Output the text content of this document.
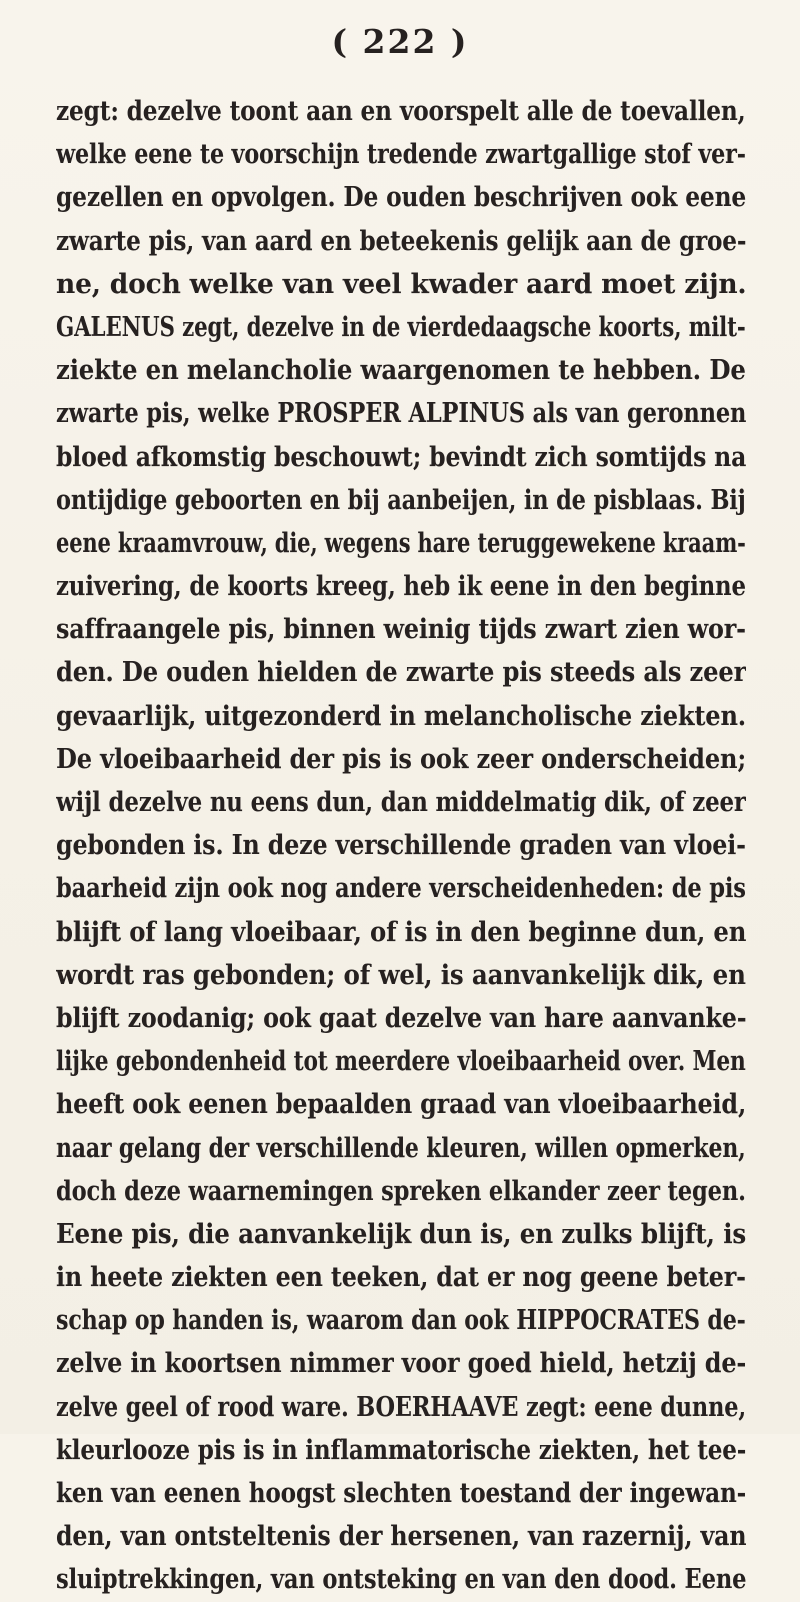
( 222 )
zegt: dezelve toont aan en voorspelt alle de toevallen,
welke eene te voorschijn tredende zwartgallige stof ver-
gezellen en opvolgen. De ouden beschrijven ook eene
zwarte pis, van aard en beteekenis gelijk aan de groe-
ne, doch welke van veel kwader aard moet zijn.
GALENUS zegt, dezelve in de vierdedaagsche koorts, milt-
ziekte en melancholie waargenomen te hebben. De
zwarte pis, welke PROSPER ALPINUS als van geronnen
bloed afkomstig beschouwt; bevindt zich somtijds na
ontijdige geboorten en bij aanbeijen, in de pisblaas. Bij
eene kraamvrouw, die, wegens hare teruggewekene kraam-
zuivering, de koorts kreeg, heb ik eene in den beginne
saffraangele pis, binnen weinig tijds zwart zien wor-
den. De ouden hielden de zwarte pis steeds als zeer
gevaarlijk, uitgezonderd in melancholische ziekten.
De vloeibaarheid der pis is ook zeer onderscheiden;
wijl dezelve nu eens dun, dan middelmatig dik, of zeer
gebonden is. In deze verschillende graden van vloei-
baarheid zijn ook nog andere verscheidenheden: de pis
blijft of lang vloeibaar, of is in den beginne dun, en
wordt ras gebonden; of wel, is aanvankelijk dik, en
blijft zoodanig; ook gaat dezelve van hare aanvanke-
lijke gebondenheid tot meerdere vloeibaarheid over. Men
heeft ook eenen bepaalden graad van vloeibaarheid,
naar gelang der verschillende kleuren, willen opmerken,
doch deze waarnemingen spreken elkander zeer tegen.
Eene pis, die aanvankelijk dun is, en zulks blijft, is
in heete ziekten een teeken, dat er nog geene beter-
schap op handen is, waarom dan ook HIPPOCRATES de-
zelve in koortsen nimmer voor goed hield, hetzij de-
zelve geel of rood ware. BOERHAAVE zegt: eene dunne,
kleurlooze pis is in inflammatorische ziekten, het tee-
ken van eenen hoogst slechten toestand der ingewan-
den, van ontsteltenis der hersenen, van razernij, van
sluiptrekkingen, van ontsteking en van den dood. Eene
